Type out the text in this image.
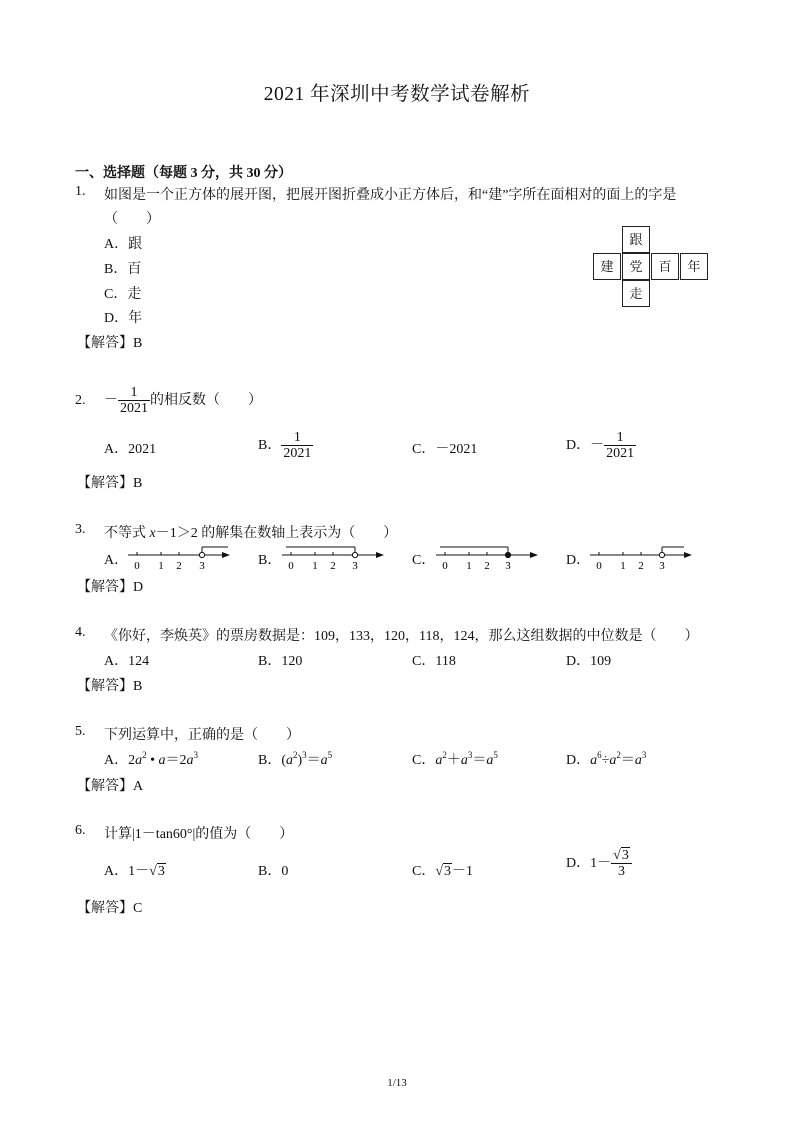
2021 年深圳中考数学试卷解析
一、选择题（每题 3 分，共 30 分）
1. 如图是一个正方体的展开图，把展开图折叠成小正方体后，和“建”字所在面相对的面上的字是
（　　）
A．跟
B．百
C．走
D．年
【解答】B
跟
建	党	百	年
走
2. － $\frac{1}{2021}$ 的相反数（　　）
A．2021	B． $\frac{1}{2021}$	C．－2021	D．－ $\frac{1}{2021}$
【解答】B
3. 不等式 x－1＞2 的解集在数轴上表示为（　　）
A．	B．	C．	D．
0 1 2 3	0 1 2 3	0 1 2 3	0 1 2 3
【解答】D
4. 《你好，李焕英》的票房数据是：109，133，120，118，124，那么这组数据的中位数是（　　）
A．124	B．120	C．118	D．109
【解答】B
5. 下列运算中，正确的是（　　）
A．$2a^2$ • $a=2a^3$	B．$(a^2)^3=a^5$	C．$a^2+a^3=a^5$	D．$a^6\div a^2=a^3$
【解答】A
6. 计算|1－tan60°|的值为（　　）
A．1－√3	B．0	C．√3－1
D．$1- \frac{√3}{3}$
【解答】C
1/13
